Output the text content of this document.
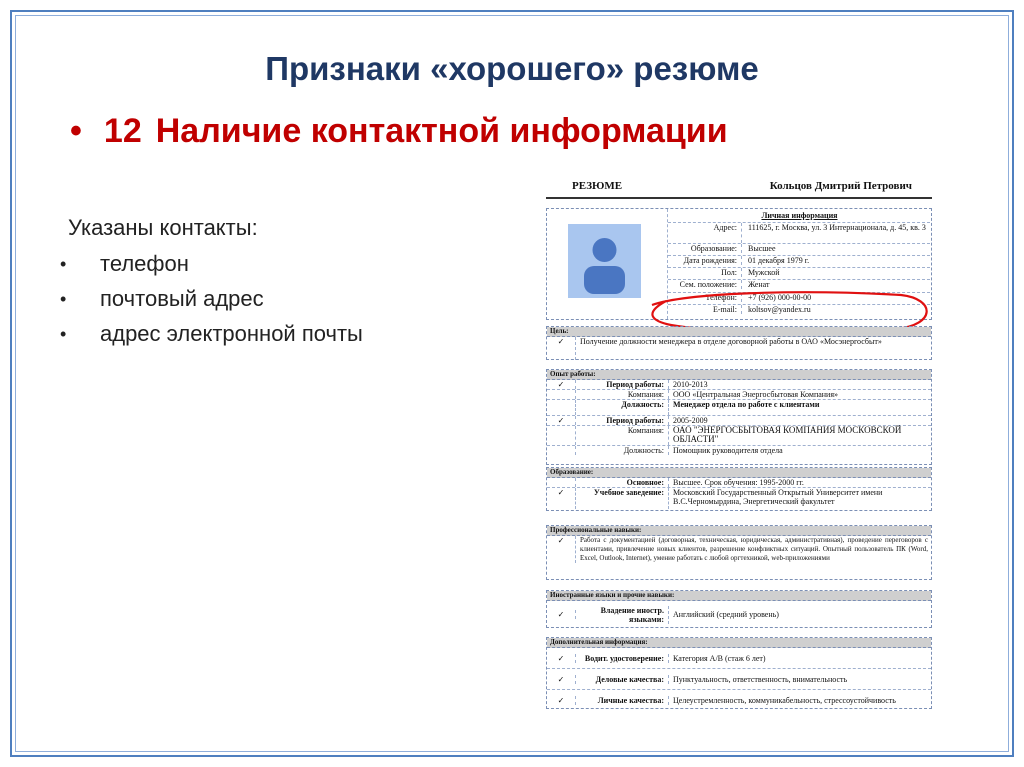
Признаки «хорошего» резюме
• 12 Наличие контактной информации
Указаны контакты:
•	телефон
•	почтовый адрес
•	адрес электронной почты
РЕЗЮМЕ	Кольцов Дмитрий Петрович
Личная информация
Адрес:	111625, г. Москва, ул. 3 Интернационала, д. 45, кв. 3
Образование:	Высшее
Дата рождения:	01 декабря 1979 г.
Пол:	Мужской
Сем. положение:	Женат
Телефон:	+7 (926) 000-00-00
E-mail:	koltsov@yandex.ru
Цель:
✓	Получение должности менеджера в отделе договорной работы в ОАО «Мосэнергосбыт»
Опыт работы:
✓	Период работы:	2010-2013
Компания:	ООО «Центральная Энергосбытовая Компания»
Должность:	Менеджер отдела по работе с клиентами
✓	Период работы:	2005-2009
Компания:	ОАО "ЭНЕРГОСБЫТОВАЯ КОМПАНИЯ МОСКОВСКОЙ ОБЛАСТИ"
Должность:	Помощник руководителя отдела
Образование:
Основное:	Высшее. Срок обучения: 1995-2000 гг.
✓	Учебное заведение:	Московский Государственный Открытый Университет имени В.С.Черномырдина, Энергетический факультет
Профессиональные навыки:
✓	Работа с документацией (договорная, техническая, юридическая, административная), проведение переговоров с клиентами, привлечение новых клиентов, разрешение конфликтных ситуаций. Опытный пользователь ПК (Word, Excel, Outlook, Internet), умение работать с любой оргтехникой, web-приложениями
Иностранные языки и прочие навыки:
✓	Владение иностр. языками:	Английский (средний уровень)
Дополнительная информация:
✓	Водит. удостоверение:	Категория А/В (стаж 6 лет)
✓	Деловые качества:	Пунктуальность, ответственность, внимательность
✓	Личные качества:	Целеустремленность, коммуникабельность, стрессоустойчивость
